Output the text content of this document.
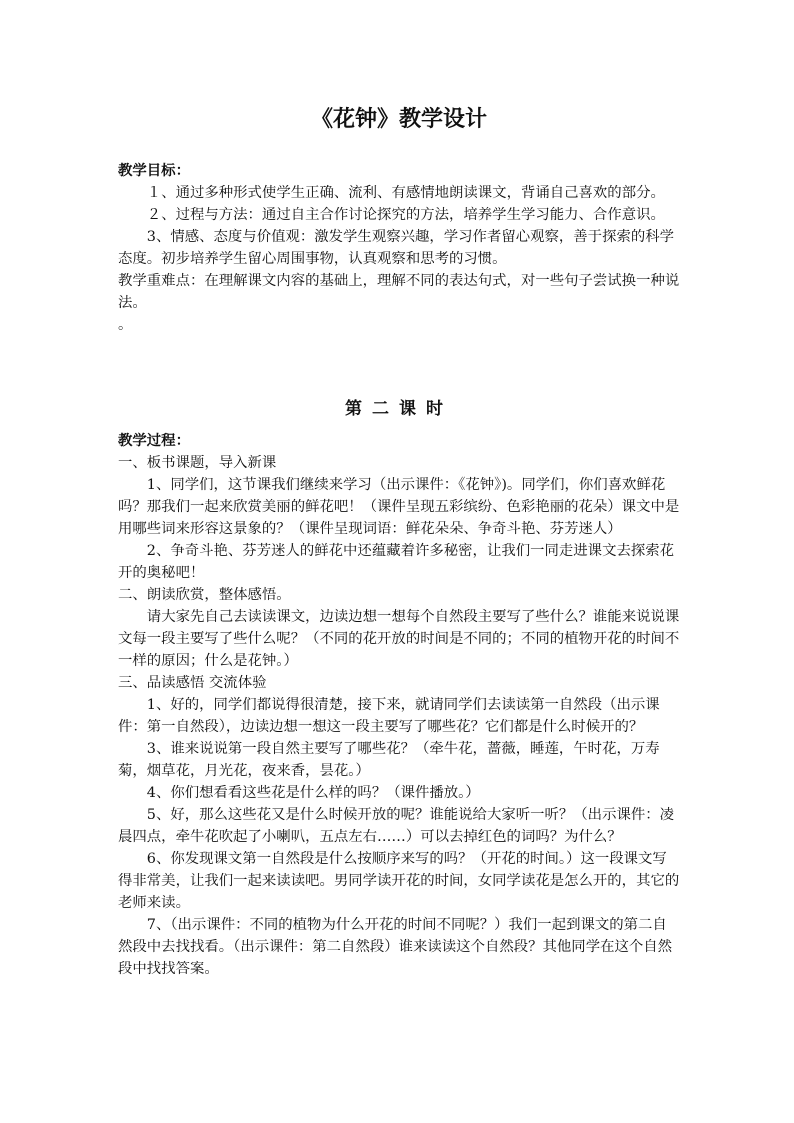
《花钟》教学设计

教学目标：

１、通过多种形式使学生正确、流利、有感情地朗读课文，背诵自己喜欢的部分。

２、过程与方法：通过自主合作讨论探究的方法，培养学生学习能力、合作意识。

3、情感、态度与价值观：激发学生观察兴趣，学习作者留心观察，善于探索的科学态度。初步培养学生留心周围事物，认真观察和思考的习惯。

教学重难点：在理解课文内容的基础上，理解不同的表达句式，对一些句子尝试换一种说法。

。

第二课时

教学过程：

一、板书课题，导入新课

1、同学们，这节课我们继续来学习（出示课件：《花钟》)。同学们，你们喜欢鲜花吗？那我们一起来欣赏美丽的鲜花吧！（课件呈现五彩缤纷、色彩艳丽的花朵）课文中是用哪些词来形容这景象的？（课件呈现词语：鲜花朵朵、争奇斗艳、芬芳迷人）

2、争奇斗艳、芬芳迷人的鲜花中还蕴藏着许多秘密，让我们一同走进课文去探索花开的奥秘吧！

二、朗读欣赏，整体感悟。

请大家先自己去读读课文，边读边想一想每个自然段主要写了些什么？谁能来说说课文每一段主要写了些什么呢？（不同的花开放的时间是不同的；不同的植物开花的时间不一样的原因；什么是花钟。）

三、品读感悟 交流体验

1、好的，同学们都说得很清楚，接下来，就请同学们去读读第一自然段（出示课件：第一自然段），边读边想一想这一段主要写了哪些花？它们都是什么时候开的？

3、谁来说说第一段自然主要写了哪些花？（牵牛花，蔷薇，睡莲，午时花，万寿菊，烟草花，月光花，夜来香，昙花。）

4、你们想看看这些花是什么样的吗？（课件播放。）

5、好，那么这些花又是什么时候开放的呢？谁能说给大家听一听？（出示课件：凌晨四点，牵牛花吹起了小喇叭，五点左右……）可以去掉红色的词吗？为什么？

6、你发现课文第一自然段是什么按顺序来写的吗？（开花的时间。）这一段课文写得非常美，让我们一起来读读吧。男同学读开花的时间，女同学读花是怎么开的，其它的老师来读。

7、（出示课件：不同的植物为什么开花的时间不同呢？）我们一起到课文的第二自然段中去找找看。（出示课件：第二自然段）谁来读读这个自然段？其他同学在这个自然段中找找答案。
